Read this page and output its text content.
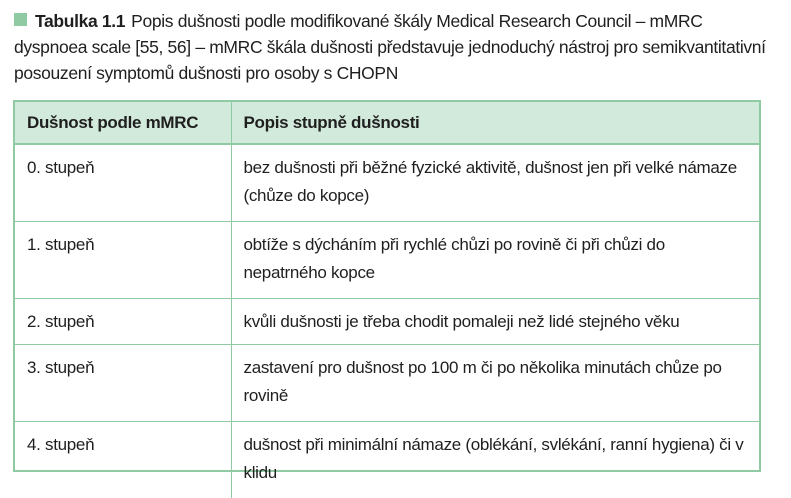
Tabulka 1.1 Popis dušnosti podle modifikované škály Medical Research Council – mMRC dyspnoea scale [55, 56] – mMRC škála dušnosti představuje jednoduchý nástroj pro semikvantitativní posouzení symptomů dušnosti pro osoby s CHOPN
Dušnost podle mMRC	Popis stupně dušnosti
0. stupeň	bez dušnosti při běžné fyzické aktivitě, dušnost jen při velké námaze (chůze do kopce)
1. stupeň	obtíže s dýcháním při rychlé chůzi po rovině či při chůzi do nepatrného kopce
2. stupeň	kvůli dušnosti je třeba chodit pomaleji než lidé stejného věku
3. stupeň	zastavení pro dušnost po 100 m či po několika minutách chůze po rovině
4. stupeň	dušnost při minimální námaze (oblékání, svlékání, ranní hygiena) či v klidu
